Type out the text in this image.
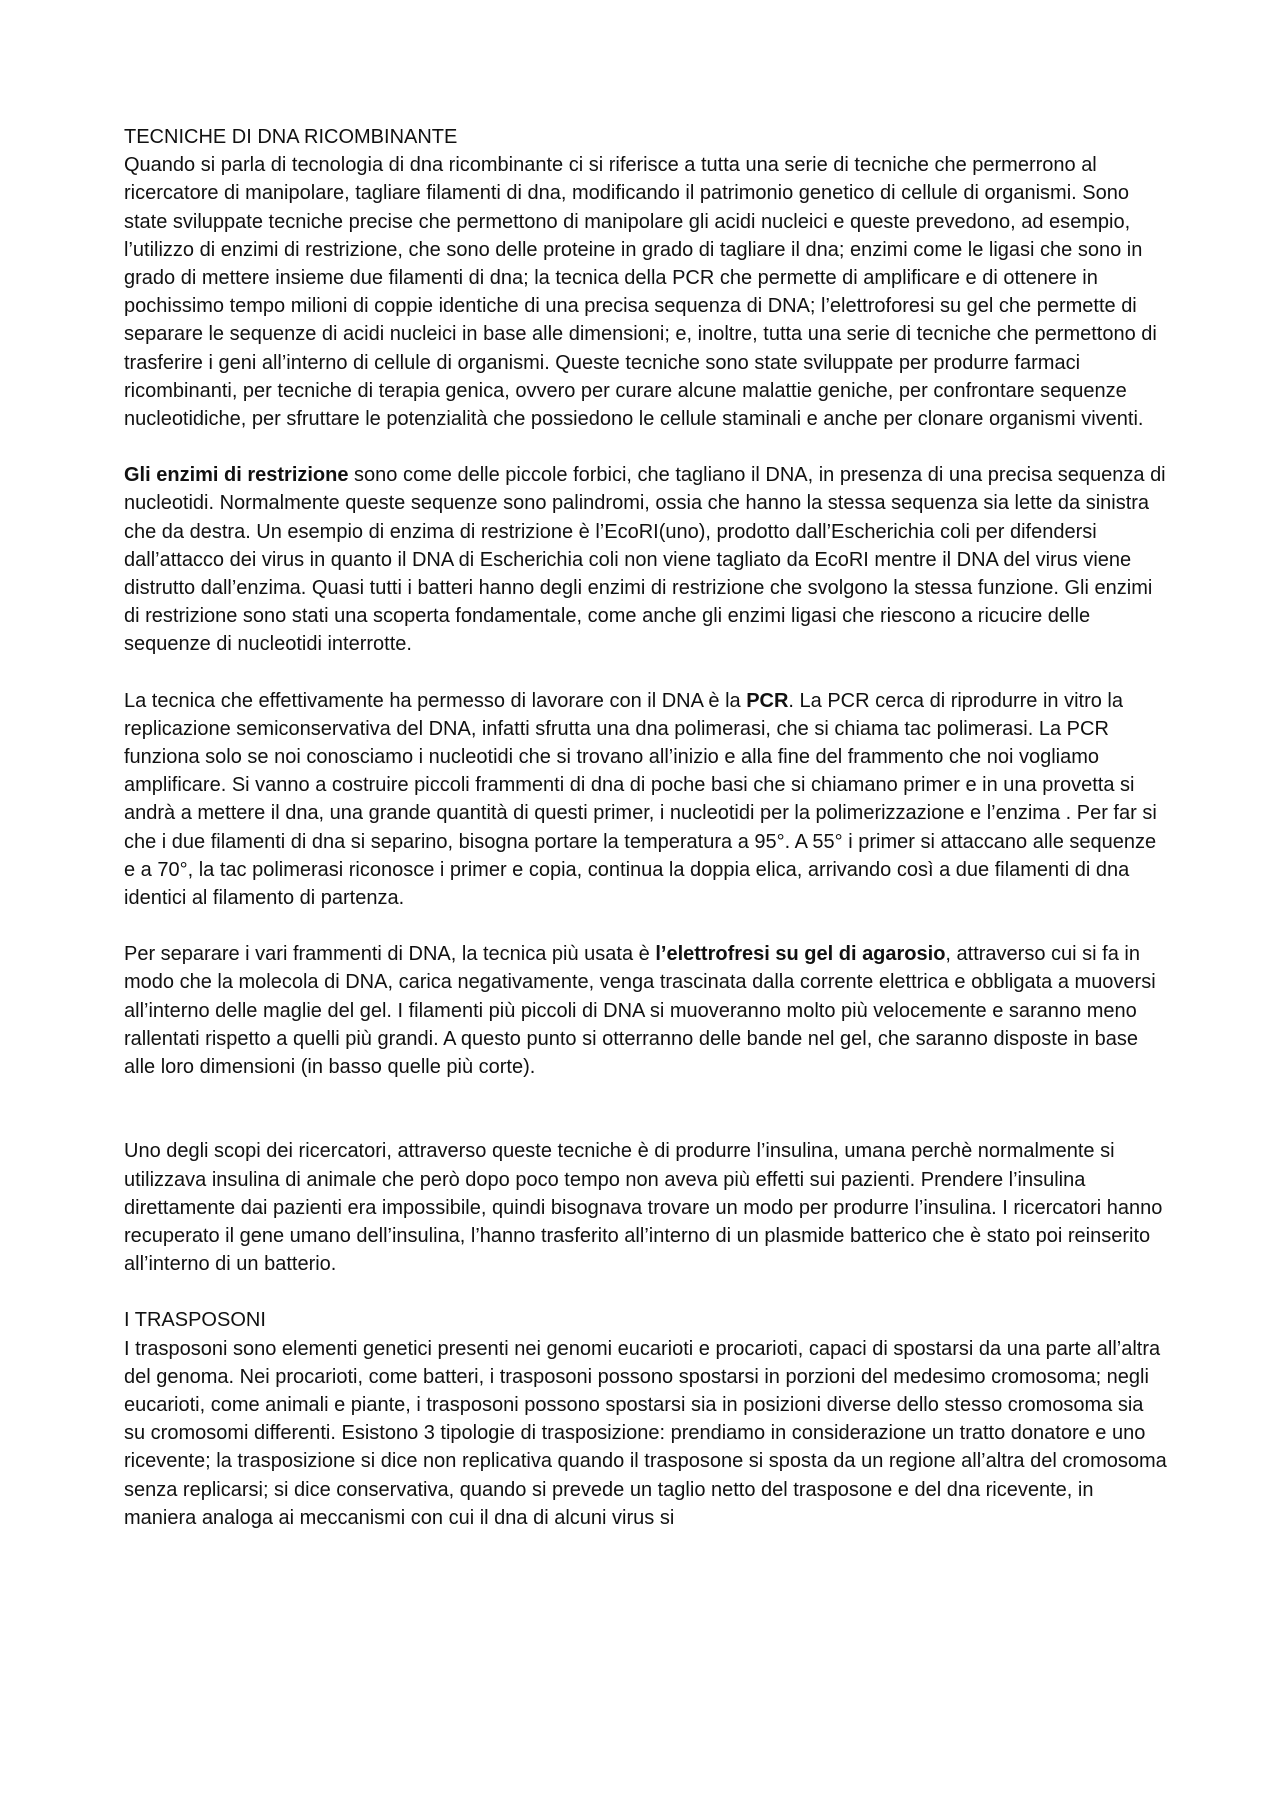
TECNICHE DI DNA RICOMBINANTE

Quando si parla di tecnologia di dna ricombinante ci si riferisce a tutta una serie di tecniche che permerrono al ricercatore di manipolare, tagliare filamenti di dna, modificando il patrimonio genetico di cellule di organismi. Sono state sviluppate tecniche precise che permettono di manipolare gli acidi nucleici e queste prevedono, ad esempio, l’utilizzo di enzimi di restrizione, che sono delle proteine in grado di tagliare il dna; enzimi come le ligasi che sono in grado di mettere insieme due filamenti di dna; la tecnica della PCR che permette di amplificare e di ottenere in pochissimo tempo milioni di coppie identiche di una precisa sequenza di DNA; l’elettroforesi su gel che permette di separare le sequenze di acidi nucleici in base alle dimensioni; e, inoltre, tutta una serie di tecniche che permettono di trasferire i geni all’interno di cellule di organismi. Queste tecniche sono state sviluppate per produrre farmaci ricombinanti, per tecniche di terapia genica, ovvero per curare alcune malattie geniche, per confrontare sequenze nucleotidiche, per sfruttare le potenzialità che possiedono le cellule staminali e anche per clonare organismi viventi.

Gli enzimi di restrizione sono come delle piccole forbici, che tagliano il DNA, in presenza di una precisa sequenza di nucleotidi. Normalmente queste sequenze sono palindromi, ossia che hanno la stessa sequenza sia lette da sinistra che da destra. Un esempio di enzima di restrizione è l’EcoRI(uno), prodotto dall’Escherichia coli per difendersi dall’attacco dei virus in quanto il DNA di Escherichia coli non viene tagliato da EcoRI mentre il DNA del virus viene distrutto dall’enzima. Quasi tutti i batteri hanno degli enzimi di restrizione che svolgono la stessa funzione. Gli enzimi di restrizione sono stati una scoperta fondamentale, come anche gli enzimi ligasi che riescono a ricucire delle sequenze di nucleotidi interrotte.

La tecnica che effettivamente ha permesso di lavorare con il DNA è la PCR. La PCR cerca di riprodurre in vitro la replicazione semiconservativa del DNA, infatti sfrutta una dna polimerasi, che si chiama tac polimerasi. La PCR funziona solo se noi conosciamo i nucleotidi che si trovano all’inizio e alla fine del frammento che noi vogliamo amplificare. Si vanno a costruire piccoli frammenti di dna di poche basi che si chiamano primer e in una provetta si andrà a mettere il dna, una grande quantità di questi primer, i nucleotidi per la polimerizzazione e l’enzima . Per far si che i due filamenti di dna si separino, bisogna portare la temperatura a 95°. A 55° i primer si attaccano alle sequenze e a 70°, la tac polimerasi riconosce i primer e copia, continua la doppia elica, arrivando così a due filamenti di dna identici al filamento di partenza.

Per separare i vari frammenti di DNA, la tecnica più usata è l’elettrofresi su gel di agarosio, attraverso cui si fa in modo che la molecola di DNA, carica negativamente, venga trascinata dalla corrente elettrica e obbligata a muoversi all’interno delle maglie del gel. I filamenti più piccoli di DNA si muoveranno molto più velocemente e saranno meno rallentati rispetto a quelli più grandi. A questo punto si otterranno delle bande nel gel, che saranno disposte in base alle loro dimensioni (in basso quelle più corte).

Uno degli scopi dei ricercatori, attraverso queste tecniche è di produrre l’insulina, umana perchè normalmente si utilizzava insulina di animale che però dopo poco tempo non aveva più effetti sui pazienti. Prendere l’insulina direttamente dai pazienti era impossibile, quindi bisognava trovare un modo per produrre l’insulina. I ricercatori hanno recuperato il gene umano dell’insulina, l’hanno trasferito all’interno di un plasmide batterico che è stato poi reinserito all’interno di un batterio.

I TRASPOSONI

I trasposoni sono elementi genetici presenti nei genomi eucarioti e procarioti, capaci di spostarsi da una parte all’altra del genoma. Nei procarioti, come batteri, i trasposoni possono spostarsi in porzioni del medesimo cromosoma; negli eucarioti, come animali e piante, i trasposoni possono spostarsi sia in posizioni diverse dello stesso cromosoma sia su cromosomi differenti. Esistono 3 tipologie di trasposizione: prendiamo in considerazione un tratto donatore e uno ricevente; la trasposizione si dice non replicativa quando il trasposone si sposta da un regione all’altra del cromosoma senza replicarsi; si dice conservativa, quando si prevede un taglio netto del trasposone e del dna ricevente, in maniera analoga ai meccanismi con cui il dna di alcuni virus si
